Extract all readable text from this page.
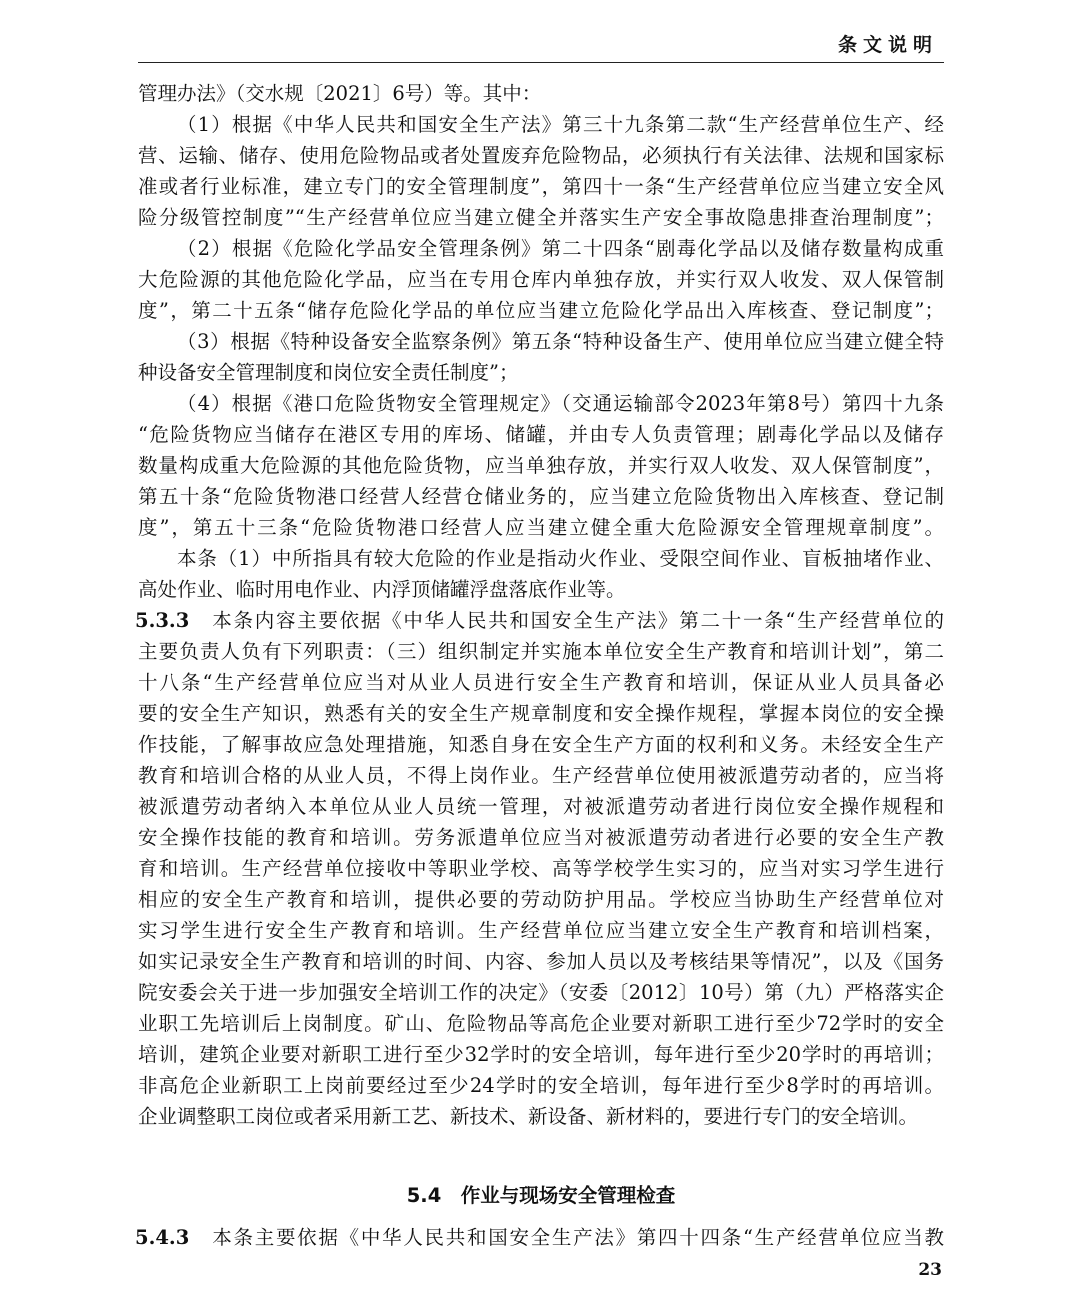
条文说明
管理办法》（交水规〔2021〕6号）等。其中：
（1）根据《中华人民共和国安全生产法》第三十九条第二款“生产经营单位生产、经
营、运输、储存、使用危险物品或者处置废弃危险物品，必须执行有关法律、法规和国家标
准或者行业标准，建立专门的安全管理制度”，第四十一条“生产经营单位应当建立安全风
险分级管控制度”“生产经营单位应当建立健全并落实生产安全事故隐患排查治理制度”；
（2）根据《危险化学品安全管理条例》第二十四条“剧毒化学品以及储存数量构成重
大危险源的其他危险化学品，应当在专用仓库内单独存放，并实行双人收发、双人保管制
度”，第二十五条“储存危险化学品的单位应当建立危险化学品出入库核查、登记制度”；
（3）根据《特种设备安全监察条例》第五条“特种设备生产、使用单位应当建立健全特
种设备安全管理制度和岗位安全责任制度”；
（4）根据《港口危险货物安全管理规定》（交通运输部令2023年第8号）第四十九条
“危险货物应当储存在港区专用的库场、储罐，并由专人负责管理；剧毒化学品以及储存
数量构成重大危险源的其他危险货物，应当单独存放，并实行双人收发、双人保管制度”，
第五十条“危险货物港口经营人经营仓储业务的，应当建立危险货物出入库核查、登记制
度”，第五十三条“危险货物港口经营人应当建立健全重大危险源安全管理规章制度”。
本条（1）中所指具有较大危险的作业是指动火作业、受限空间作业、盲板抽堵作业、
高处作业、临时用电作业、内浮顶储罐浮盘落底作业等。
5.3.3　 本条内容主要依据《中华人民共和国安全生产法》第二十一条“生产经营单位的
主要负责人负有下列职责：（三）组织制定并实施本单位安全生产教育和培训计划”，第二
十八条“生产经营单位应当对从业人员进行安全生产教育和培训，保证从业人员具备必
要的安全生产知识，熟悉有关的安全生产规章制度和安全操作规程，掌握本岗位的安全操
作技能，了解事故应急处理措施，知悉自身在安全生产方面的权利和义务。未经安全生产
教育和培训合格的从业人员，不得上岗作业。生产经营单位使用被派遣劳动者的，应当将
被派遣劳动者纳入本单位从业人员统一管理，对被派遣劳动者进行岗位安全操作规程和
安全操作技能的教育和培训。劳务派遣单位应当对被派遣劳动者进行必要的安全生产教
育和培训。生产经营单位接收中等职业学校、高等学校学生实习的，应当对实习学生进行
相应的安全生产教育和培训，提供必要的劳动防护用品。学校应当协助生产经营单位对
实习学生进行安全生产教育和培训。生产经营单位应当建立安全生产教育和培训档案，
如实记录安全生产教育和培训的时间、内容、参加人员以及考核结果等情况”，以及《国务
院安委会关于进一步加强安全培训工作的决定》（安委〔2012〕10号）第（九）严格落实企
业职工先培训后上岗制度。矿山、危险物品等高危企业要对新职工进行至少72学时的安全
培训，建筑企业要对新职工进行至少32学时的安全培训，每年进行至少20学时的再培训；
非高危企业新职工上岗前要经过至少24学时的安全培训，每年进行至少8学时的再培训。
企业调整职工岗位或者采用新工艺、新技术、新设备、新材料的，要进行专门的安全培训。
5.4　作业与现场安全管理检查
5.4.3　 本条主要依据《中华人民共和国安全生产法》第四十四条“生产经营单位应当教
23
